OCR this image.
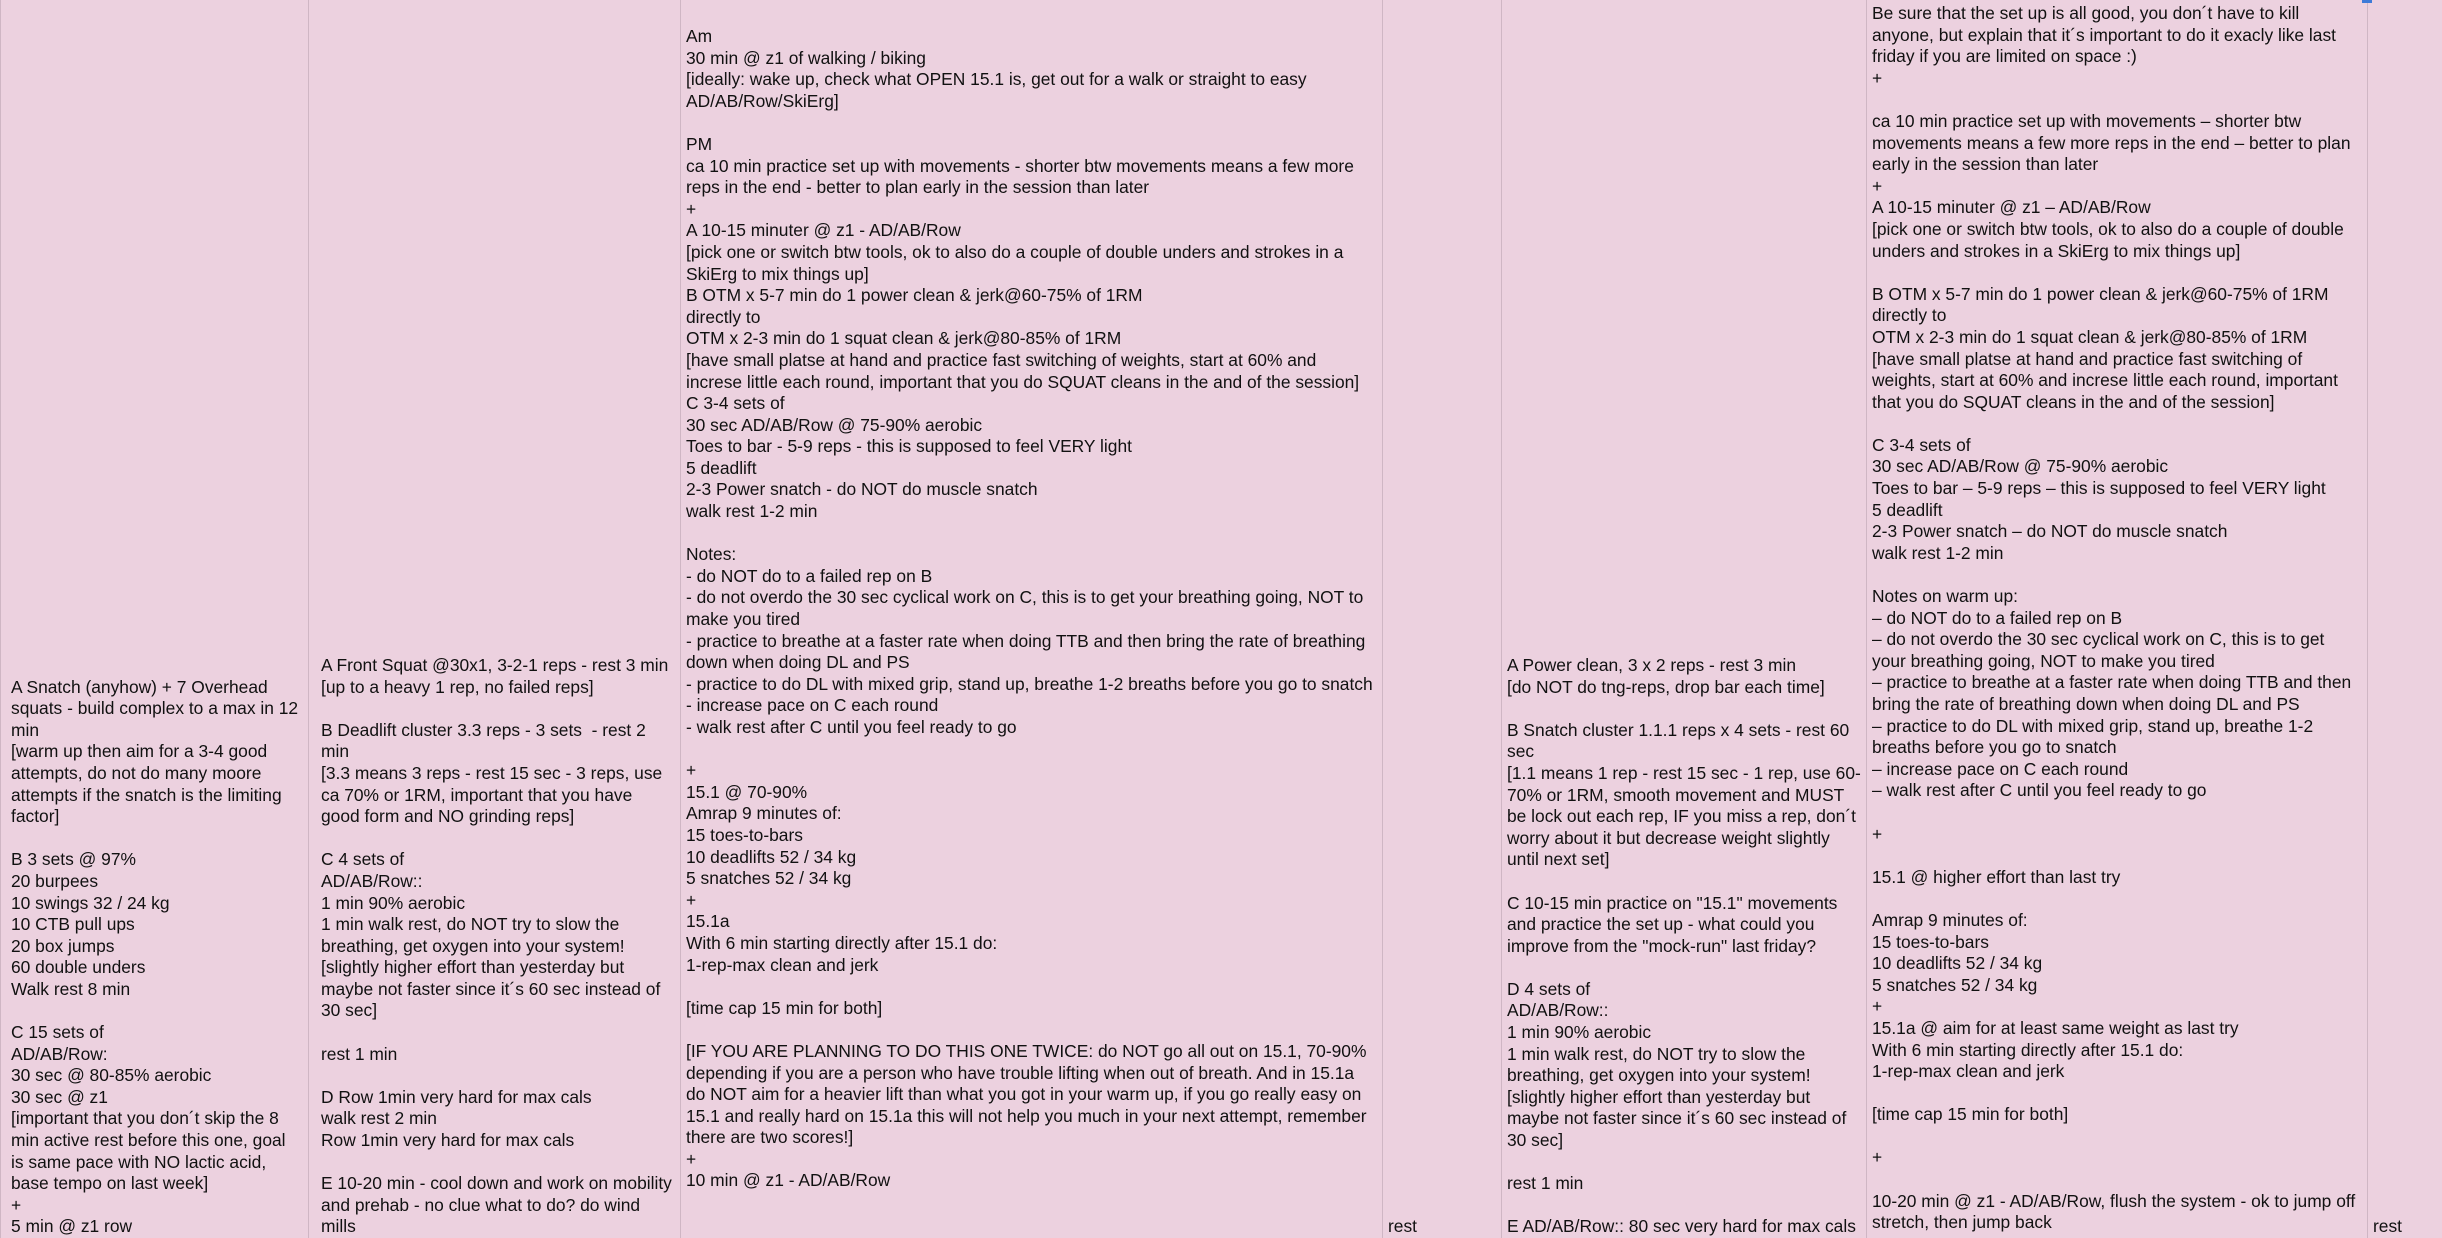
A Snatch (anyhow) + 7 Overhead squats - build complex to a max in 12 min
[warm up then aim for a 3-4 good attempts, do not do many moore attempts if the snatch is the limiting factor]

B 3 sets @ 97%
20 burpees
10 swings 32 / 24 kg
10 CTB pull ups
20 box jumps
60 double unders
Walk rest 8 min

C 15 sets of
AD/AB/Row:
30 sec @ 80-85% aerobic
30 sec @ z1
[important that you don´t skip the 8 min active rest before this one, goal is same pace with NO lactic acid, base tempo on last week]
+
5 min @ z1 row
A Front Squat @30x1, 3-2-1 reps - rest 3 min
[up to a heavy 1 rep, no failed reps]

B Deadlift cluster 3.3 reps - 3 sets  - rest 2 min
[3.3 means 3 reps - rest 15 sec - 3 reps, use ca 70% or 1RM, important that you have good form and NO grinding reps]

C 4 sets of
AD/AB/Row::
1 min 90% aerobic
1 min walk rest, do NOT try to slow the breathing, get oxygen into your system!
[slightly higher effort than yesterday but maybe not faster since it´s 60 sec instead of 30 sec]

rest 1 min

D Row 1min very hard for max cals
walk rest 2 min
Row 1min very hard for max cals

E 10-20 min - cool down and work on mobility and prehab - no clue what to do? do wind mills
Am
30 min @ z1 of walking / biking
[ideally: wake up, check what OPEN 15.1 is, get out for a walk or straight to easy AD/AB/Row/SkiErg]

PM
ca 10 min practice set up with movements - shorter btw movements means a few more reps in the end - better to plan early in the session than later
+
A 10-15 minuter @ z1 - AD/AB/Row
[pick one or switch btw tools, ok to also do a couple of double unders and strokes in a SkiErg to mix things up]
B OTM x 5-7 min do 1 power clean & jerk@60-75% of 1RM
directly to
OTM x 2-3 min do 1 squat clean & jerk@80-85% of 1RM
[have small platse at hand and practice fast switching of weights, start at 60% and increse little each round, important that you do SQUAT cleans in the and of the session]
C 3-4 sets of
30 sec AD/AB/Row @ 75-90% aerobic
Toes to bar - 5-9 reps - this is supposed to feel VERY light
5 deadlift
2-3 Power snatch - do NOT do muscle snatch
walk rest 1-2 min

Notes:
- do NOT do to a failed rep on B
- do not overdo the 30 sec cyclical work on C, this is to get your breathing going, NOT to make you tired
- practice to breathe at a faster rate when doing TTB and then bring the rate of breathing down when doing DL and PS
- practice to do DL with mixed grip, stand up, breathe 1-2 breaths before you go to snatch
- increase pace on C each round
- walk rest after C until you feel ready to go

+
15.1 @ 70-90%
Amrap 9 minutes of:
15 toes-to-bars
10 deadlifts 52 / 34 kg
5 snatches 52 / 34 kg
+
15.1a
With 6 min starting directly after 15.1 do:
1-rep-max clean and jerk

[time cap 15 min for both]

[IF YOU ARE PLANNING TO DO THIS ONE TWICE: do NOT go all out on 15.1, 70-90% depending if you are a person who have trouble lifting when out of breath. And in 15.1a do NOT aim for a heavier lift than what you got in your warm up, if you go really easy on 15.1 and really hard on 15.1a this will not help you much in your next attempt, remember there are two scores!]
+
10 min @ z1 - AD/AB/Row
rest
A Power clean, 3 x 2 reps - rest 3 min
[do NOT do tng-reps, drop bar each time]

B Snatch cluster 1.1.1 reps x 4 sets - rest 60 sec
[1.1 means 1 rep - rest 15 sec - 1 rep, use 60-70% or 1RM, smooth movement and MUST be lock out each rep, IF you miss a rep, don´t worry about it but decrease weight slightly until next set]

C 10-15 min practice on "15.1" movements and practice the set up - what could you improve from the "mock-run" last friday?

D 4 sets of
AD/AB/Row::
1 min 90% aerobic
1 min walk rest, do NOT try to slow the breathing, get oxygen into your system!
[slightly higher effort than yesterday but maybe not faster since it´s 60 sec instead of 30 sec]

rest 1 min

E AD/AB/Row:: 80 sec very hard for max cals
Be sure that the set up is all good, you don´t have to kill anyone, but explain that it´s important to do it exacly like last friday if you are limited on space :)
+

ca 10 min practice set up with movements – shorter btw movements means a few more reps in the end – better to plan early in the session than later
+
A 10-15 minuter @ z1 – AD/AB/Row
[pick one or switch btw tools, ok to also do a couple of double unders and strokes in a SkiErg to mix things up]

B OTM x 5-7 min do 1 power clean & jerk@60-75% of 1RM
directly to
OTM x 2-3 min do 1 squat clean & jerk@80-85% of 1RM
[have small platse at hand and practice fast switching of weights, start at 60% and increse little each round, important that you do SQUAT cleans in the and of the session]

C 3-4 sets of
30 sec AD/AB/Row @ 75-90% aerobic
Toes to bar – 5-9 reps – this is supposed to feel VERY light
5 deadlift
2-3 Power snatch – do NOT do muscle snatch
walk rest 1-2 min

Notes on warm up:
– do NOT do to a failed rep on B
– do not overdo the 30 sec cyclical work on C, this is to get your breathing going, NOT to make you tired
– practice to breathe at a faster rate when doing TTB and then bring the rate of breathing down when doing DL and PS
– practice to do DL with mixed grip, stand up, breathe 1-2 breaths before you go to snatch
– increase pace on C each round
– walk rest after C until you feel ready to go

+

15.1 @ higher effort than last try

Amrap 9 minutes of:
15 toes-to-bars
10 deadlifts 52 / 34 kg
5 snatches 52 / 34 kg
+
15.1a @ aim for at least same weight as last try
With 6 min starting directly after 15.1 do:
1-rep-max clean and jerk

[time cap 15 min for both]

+

10-20 min @ z1 - AD/AB/Row, flush the system - ok to jump off stretch, then jump back	rest
